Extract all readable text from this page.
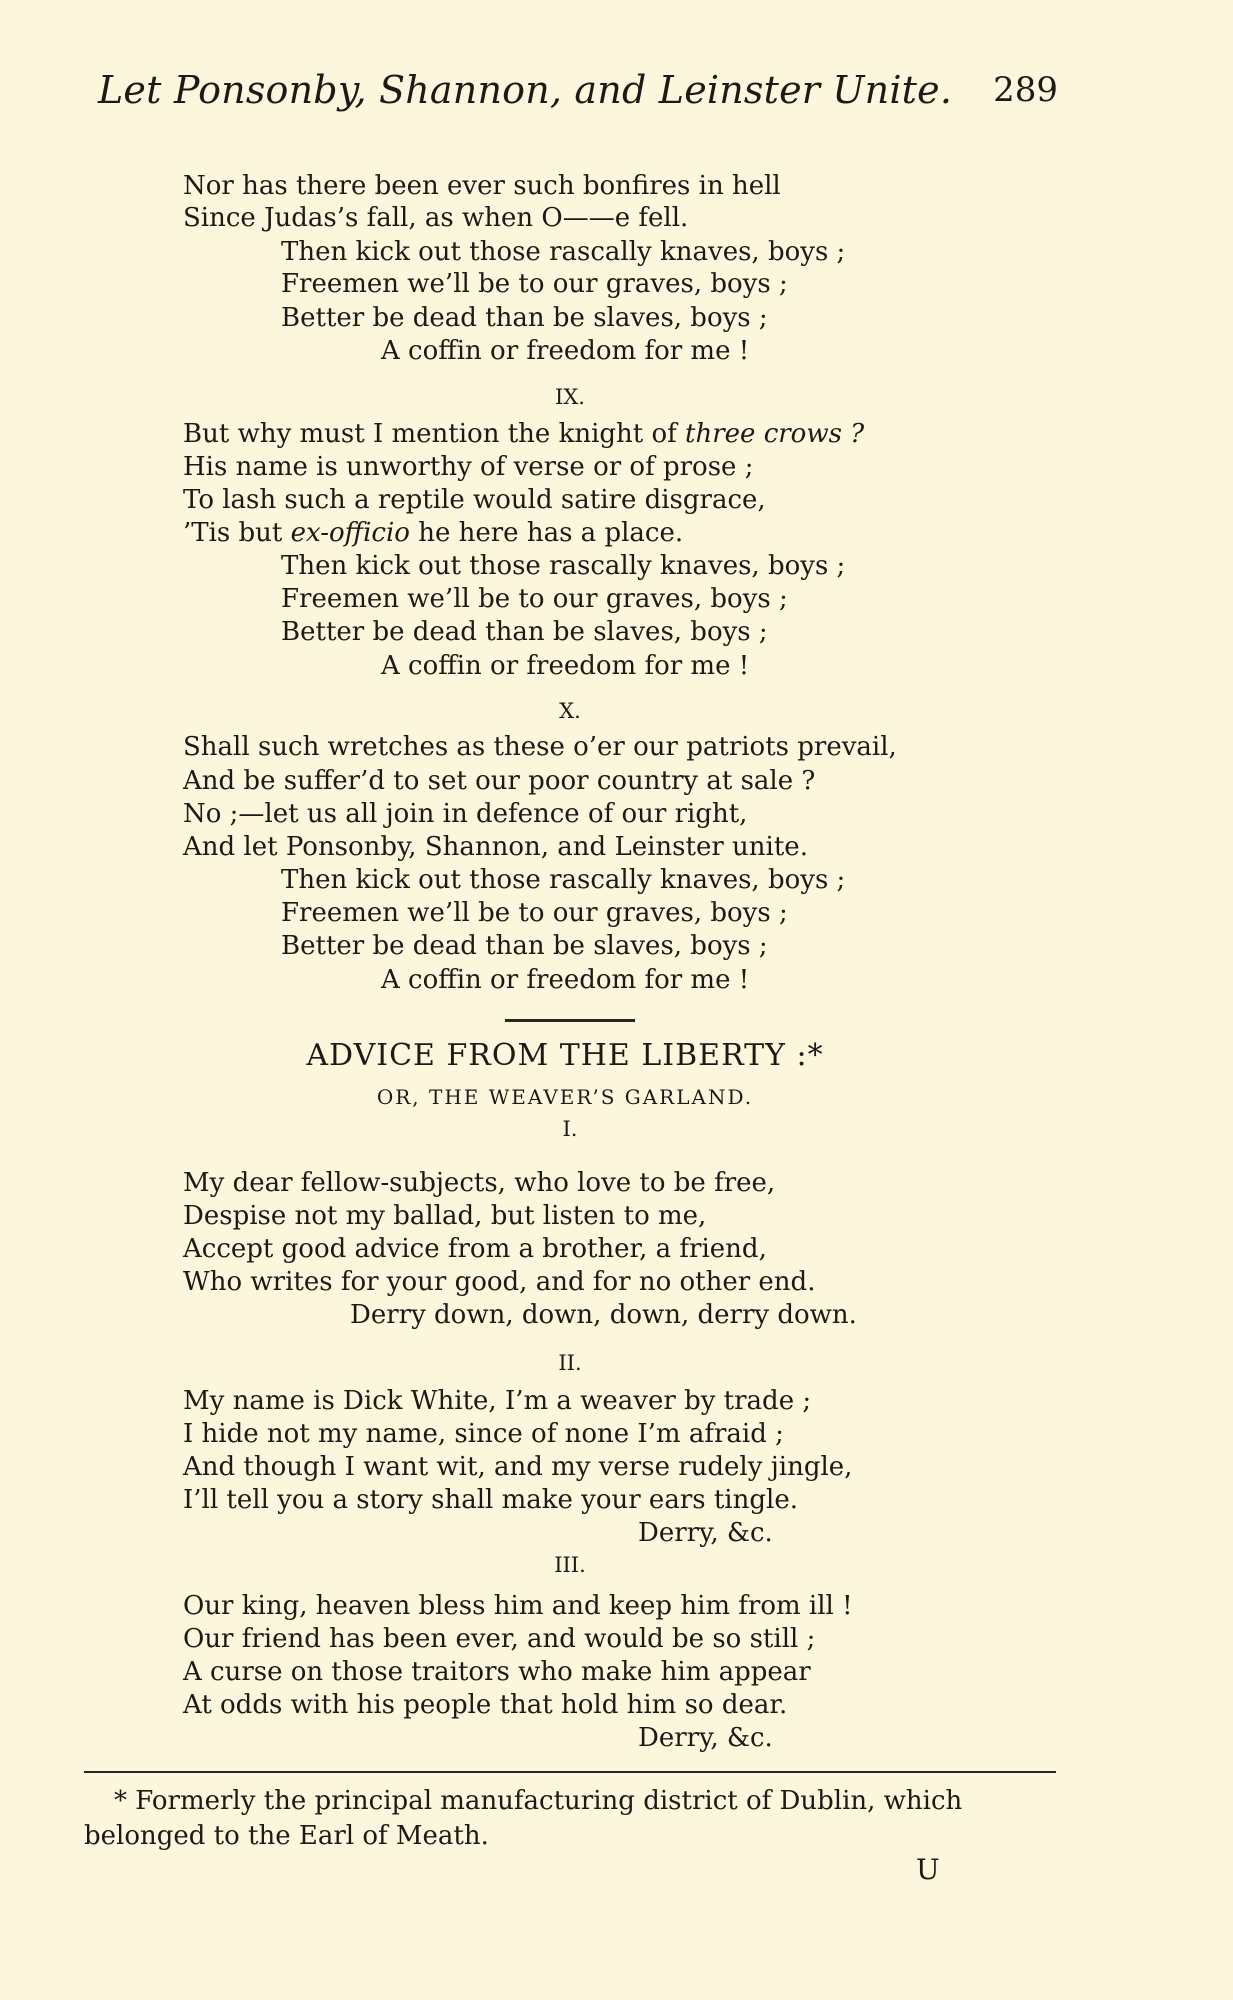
Let Ponsonby, Shannon, and Leinster Unite. 289
Nor has there been ever such bonfires in hell
Since Judas’s fall, as when O——e fell.
Then kick out those rascally knaves, boys ;
Freemen we’ll be to our graves, boys ;
Better be dead than be slaves, boys ;
A coffin or freedom for me !
IX.
But why must I mention the knight of three crows ?
His name is unworthy of verse or of prose ;
To lash such a reptile would satire disgrace,
’Tis but ex-officio he here has a place.
Then kick out those rascally knaves, boys ;
Freemen we’ll be to our graves, boys ;
Better be dead than be slaves, boys ;
A coffin or freedom for me !
X.
Shall such wretches as these o’er our patriots prevail,
And be suffer’d to set our poor country at sale ?
No ;—let us all join in defence of our right,
And let Ponsonby, Shannon, and Leinster unite.
Then kick out those rascally knaves, boys ;
Freemen we’ll be to our graves, boys ;
Better be dead than be slaves, boys ;
A coffin or freedom for me !
ADVICE FROM THE LIBERTY :*
OR, THE WEAVER’S GARLAND.
I.
My dear fellow-subjects, who love to be free,
Despise not my ballad, but listen to me,
Accept good advice from a brother, a friend,
Who writes for your good, and for no other end.
Derry down, down, down, derry down.
II.
My name is Dick White, I’m a weaver by trade ;
I hide not my name, since of none I’m afraid ;
And though I want wit, and my verse rudely jingle,
I’ll tell you a story shall make your ears tingle.
Derry, &c.
III.
Our king, heaven bless him and keep him from ill !
Our friend has been ever, and would be so still ;
A curse on those traitors who make him appear
At odds with his people that hold him so dear.
Derry, &c.
* Formerly the principal manufacturing district of Dublin, which
belonged to the Earl of Meath.
U
